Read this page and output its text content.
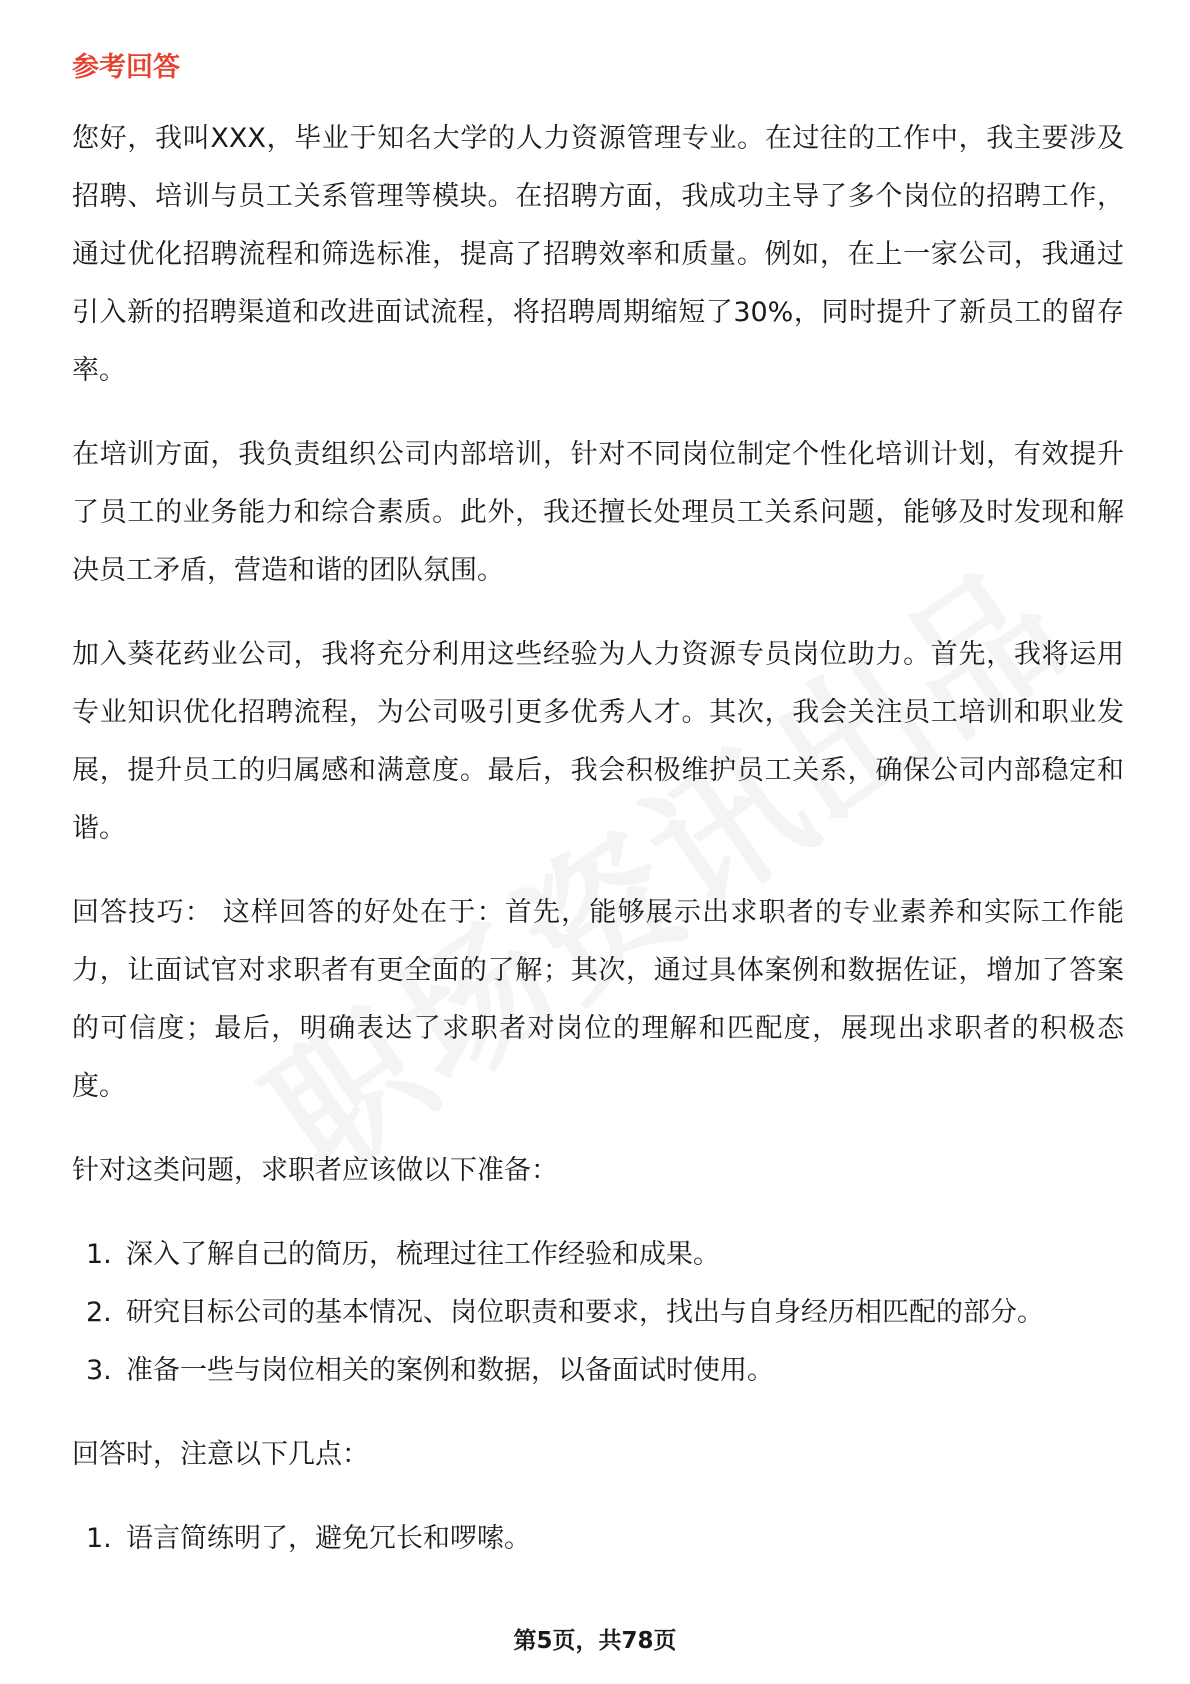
参考回答

您好，我叫XXX，毕业于知名大学的人力资源管理专业。在过往的工作中，我主要涉及招聘、培训与员工关系管理等模块。在招聘方面，我成功主导了多个岗位的招聘工作，通过优化招聘流程和筛选标准，提高了招聘效率和质量。例如，在上一家公司，我通过引入新的招聘渠道和改进面试流程，将招聘周期缩短了30%，同时提升了新员工的留存率。

在培训方面，我负责组织公司内部培训，针对不同岗位制定个性化培训计划，有效提升了员工的业务能力和综合素质。此外，我还擅长处理员工关系问题，能够及时发现和解决员工矛盾，营造和谐的团队氛围。

加入葵花药业公司，我将充分利用这些经验为人力资源专员岗位助力。首先，我将运用专业知识优化招聘流程，为公司吸引更多优秀人才。其次，我会关注员工培训和职业发展，提升员工的归属感和满意度。最后，我会积极维护员工关系，确保公司内部稳定和谐。

回答技巧： 这样回答的好处在于：首先，能够展示出求职者的专业素养和实际工作能力，让面试官对求职者有更全面的了解；其次，通过具体案例和数据佐证，增加了答案的可信度；最后，明确表达了求职者对岗位的理解和匹配度，展现出求职者的积极态度。

针对这类问题，求职者应该做以下准备：

1. 深入了解自己的简历，梳理过往工作经验和成果。
2. 研究目标公司的基本情况、岗位职责和要求，找出与自身经历相匹配的部分。
3. 准备一些与岗位相关的案例和数据，以备面试时使用。

回答时，注意以下几点：

1. 语言简练明了，避免冗长和啰嗦。
第5页，共78页
